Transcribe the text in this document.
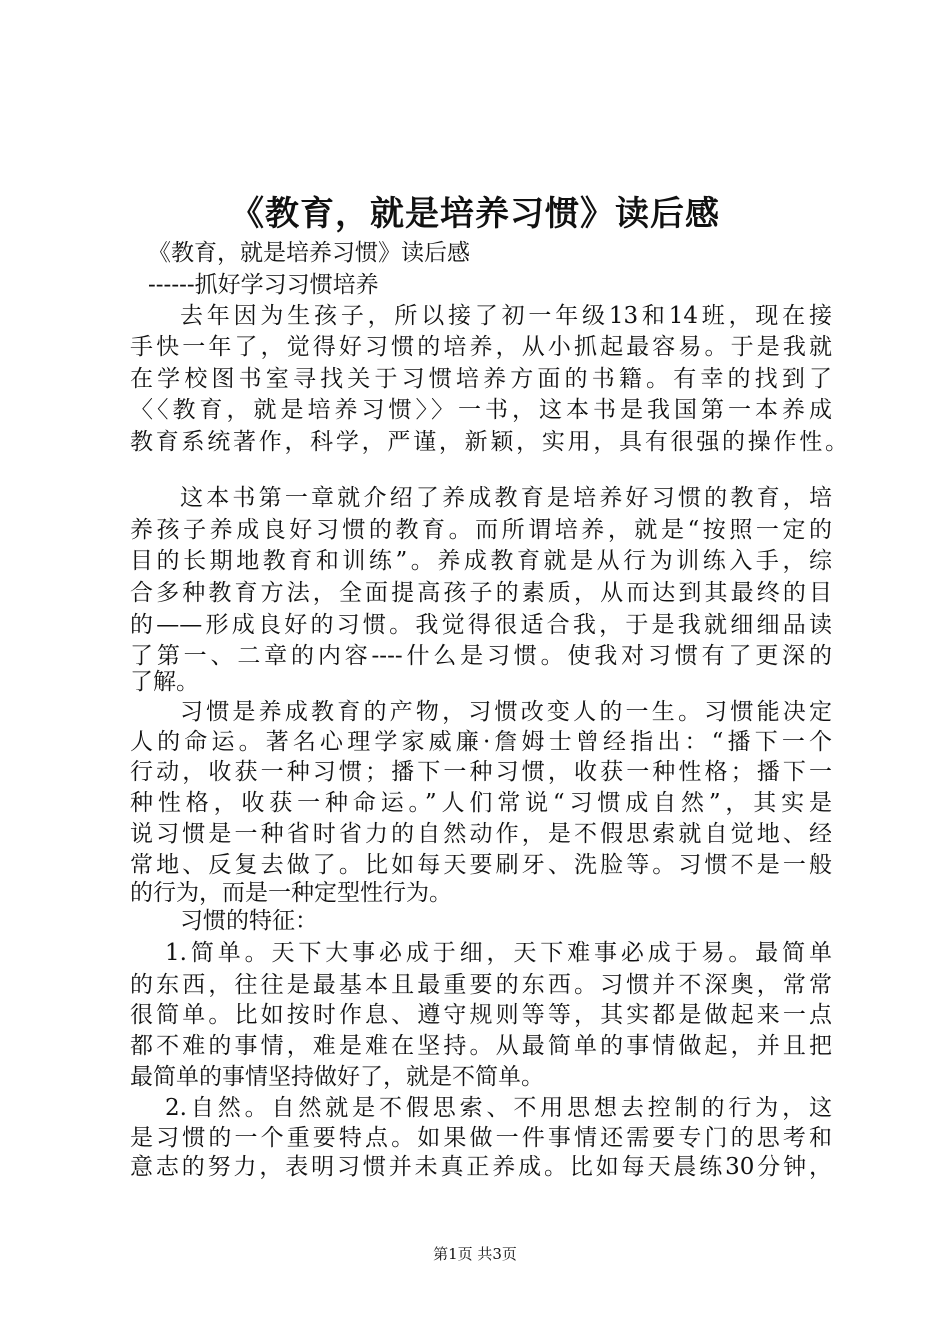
《教育，就是培养习惯》读后感
《教育，就是培养习惯》读后感
------抓好学习习惯培养
去年因为生孩子，所以接了初一年级13和14班，现在接
手快一年了，觉得好习惯的培养，从小抓起最容易。于是我就
在学校图书室寻找关于习惯培养方面的书籍。有幸的找到了
〈〈教育，就是培养习惯〉〉一书，这本书是我国第一本养成
教育系统著作，科学，严谨，新颖，实用，具有很强的操作性。
这本书第一章就介绍了养成教育是培养好习惯的教育，培
养孩子养成良好习惯的教育。而所谓培养，就是“按照一定的
目的长期地教育和训练”。养成教育就是从行为训练入手，综
合多种教育方法，全面提高孩子的素质，从而达到其最终的目
的——形成良好的习惯。我觉得很适合我，于是我就细细品读
了第一、二章的内容----什么是习惯。使我对习惯有了更深的
了解。
习惯是养成教育的产物，习惯改变人的一生。习惯能决定
人的命运。著名心理学家威廉·詹姆士曾经指出：“播下一个
行动，收获一种习惯；播下一种习惯，收获一种性格；播下一
种性格，收获一种命运。”人们常说“习惯成自然”，其实是
说习惯是一种省时省力的自然动作，是不假思索就自觉地、经
常地、反复去做了。比如每天要刷牙、洗脸等。习惯不是一般
的行为，而是一种定型性行为。
习惯的特征：
1.简单。天下大事必成于细，天下难事必成于易。最简单
的东西，往往是最基本且最重要的东西。习惯并不深奥，常常
很简单。比如按时作息、遵守规则等等，其实都是做起来一点
都不难的事情，难是难在坚持。从最简单的事情做起，并且把
最简单的事情坚持做好了，就是不简单。
2.自然。自然就是不假思索、不用思想去控制的行为，这
是习惯的一个重要特点。如果做一件事情还需要专门的思考和
意志的努力，表明习惯并未真正养成。比如每天晨练30分钟，
第1页 共3页
